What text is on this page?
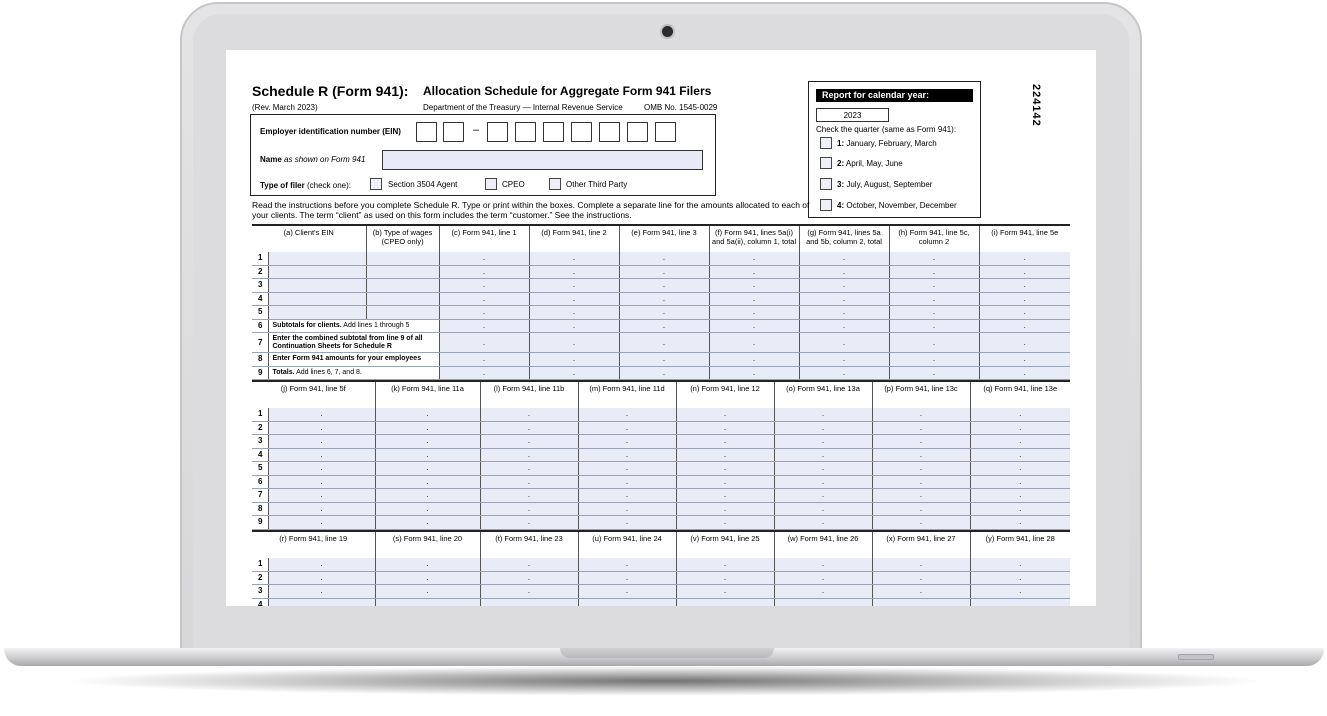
Schedule R (Form 941): Allocation Schedule for Aggregate Form 941 Filers
(Rev. March 2023)	Department of the Treasury — Internal Revenue Service	OMB No. 1545-0029	224142
Employer identification number (EIN)	–
Name as shown on Form 941
Type of filer (check one):	Section 3504 Agent	CPEO	Other Third Party
Report for calendar year:
2023
Check the quarter (same as Form 941):
1: January, February, March
2: April, May, June
3: July, August, September
4: October, November, December
Read the instructions before you complete Schedule R. Type or print within the boxes. Complete a separate line for the amounts allocated to each of your clients. The term “client” as used on this form includes the term “customer.” See the instructions.
(a) Client's EIN		(b) Type of wages (CPEO only)	(c) Form 941, line 1	(d) Form 941, line 2	(e) Form 941, line 3	(f) Form 941, lines 5a(i) and 5a(ii), column 1, total	(g) Form 941, lines 5a and 5b, column 2, total	(h) Form 941, line 5c, column 2	(i) Form 941, line 5e
1			.	.	.	.	.	.	.
2			.	.	.	.	.	.	.
3			.	.	.	.	.	.	.
4			.	.	.	.	.	.	.
5			.	.	.	.	.	.	.
6	Subtotals for clients. Add lines 1 through 5		.	.	.	.	.	.	.
7	Enter the combined subtotal from line 9 of all Continuation Sheets for Schedule R		.	.	.	.	.	.	.
8	Enter Form 941 amounts for your employees		.	.	.	.	.	.	.
9	Totals. Add lines 6, 7, and 8.		.	.	.	.	.	.	.
(j) Form 941, line 5f		(k) Form 941, line 11a	(l) Form 941, line 11b	(m) Form 941, line 11d	(n) Form 941, line 12	(o) Form 941, line 13a	(p) Form 941, line 13c	(q) Form 941, line 13e
1	.	.	.	.	.	.	.	.
2	.	.	.	.	.	.	.	.
3	.	.	.	.	.	.	.	.
4	.	.	.	.	.	.	.	.
5	.	.	.	.	.	.	.	.
6	.	.	.	.	.	.	.	.
7	.	.	.	.	.	.	.	.
8	.	.	.	.	.	.	.	.
9	.	.	.	.	.	.	.	.
(r) Form 941, line 19		(s) Form 941, line 20	(t) Form 941, line 23	(u) Form 941, line 24	(v) Form 941, line 25	(w) Form 941, line 26	(x) Form 941, line 27	(y) Form 941, line 28
1	.	.	.	.	.	.	.	.
2	.	.	.	.	.	.	.	.
3	.	.	.	.	.	.	.	.
4	.	.	.	.	.	.	.	.
